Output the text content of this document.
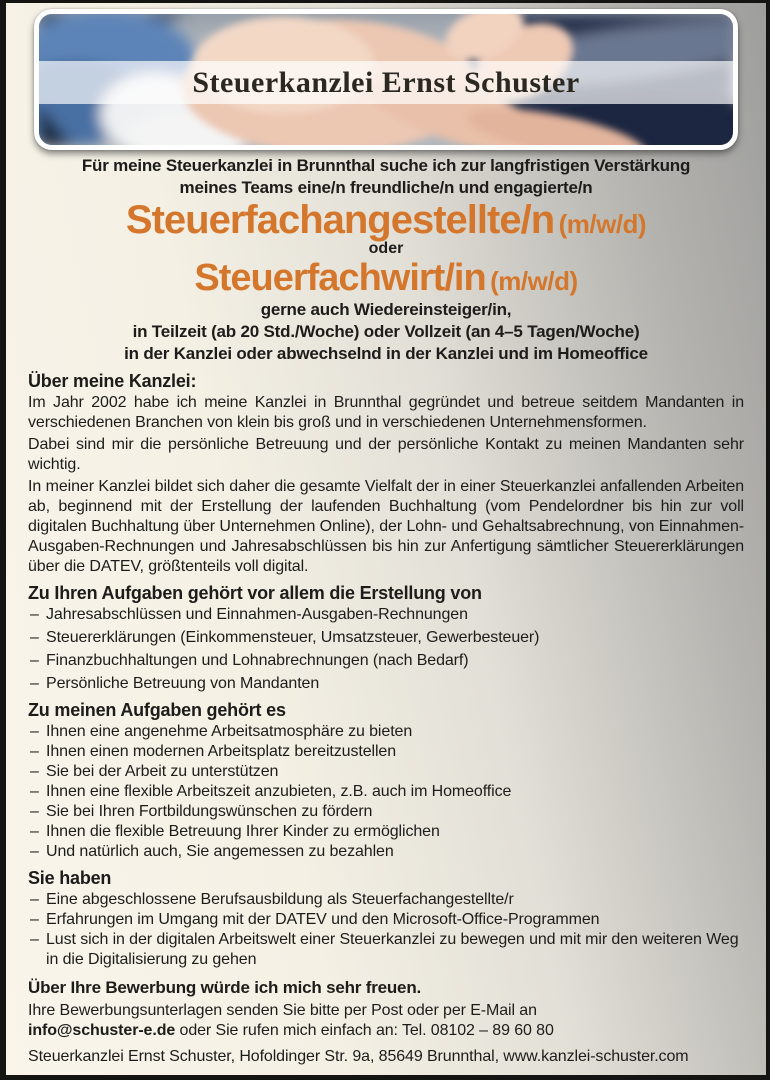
Steuerkanzlei Ernst Schuster
Für meine Steuerkanzlei in Brunnthal suche ich zur langfristigen Verstärkung
meines Teams eine/n freundliche/n und engagierte/n
Steuerfachangestellte/n (m/w/d)
oder
Steuerfachwirt/in (m/w/d)
gerne auch Wiedereinsteiger/in,
in Teilzeit (ab 20 Std./Woche) oder Vollzeit (an 4–5 Tagen/Woche)
in der Kanzlei oder abwechselnd in der Kanzlei und im Homeoffice
Über meine Kanzlei:

Im Jahr 2002 habe ich meine Kanzlei in Brunnthal gegründet und betreue seitdem Mandanten in verschiedenen Branchen von klein bis groß und in verschiedenen Unternehmensformen.

Dabei sind mir die persönliche Betreuung und der persönliche Kontakt zu meinen Mandanten sehr wichtig.

In meiner Kanzlei bildet sich daher die gesamte Vielfalt der in einer Steuerkanzlei anfallenden Arbeiten ab, beginnend mit der Erstellung der laufenden Buchhaltung (vom Pendelordner bis hin zur voll digitalen Buchhaltung über Unternehmen Online), der Lohn- und Gehaltsabrechnung, von Einnahmen-Ausgaben-Rechnungen und Jahresabschlüssen bis hin zur Anfertigung sämtlicher Steuererklärungen über die DATEV, größtenteils voll digital.

Zu Ihren Aufgaben gehört vor allem die Erstellung von
– Jahresabschlüssen und Einnahmen-Ausgaben-Rechnungen
– Steuererklärungen (Einkommensteuer, Umsatzsteuer, Gewerbesteuer)
– Finanzbuchhaltungen und Lohnabrechnungen (nach Bedarf)
– Persönliche Betreuung von Mandanten
Zu meinen Aufgaben gehört es
– Ihnen eine angenehme Arbeitsatmosphäre zu bieten
– Ihnen einen modernen Arbeitsplatz bereitzustellen
– Sie bei der Arbeit zu unterstützen
– Ihnen eine flexible Arbeitszeit anzubieten, z.B. auch im Homeoffice
– Sie bei Ihren Fortbildungswünschen zu fördern
– Ihnen die flexible Betreuung Ihrer Kinder zu ermöglichen
– Und natürlich auch, Sie angemessen zu bezahlen
Sie haben
– Eine abgeschlossene Berufsausbildung als Steuerfachangestellte/r
– Erfahrungen im Umgang mit der DATEV und den Microsoft-Office-Programmen
– Lust sich in der digitalen Arbeitswelt einer Steuerkanzlei zu bewegen und mit mir den weiteren Weg in die Digitalisierung zu gehen
Über Ihre Bewerbung würde ich mich sehr freuen.

Ihre Bewerbungsunterlagen senden Sie bitte per Post oder per E-Mail an
info@schuster-e.de oder Sie rufen mich einfach an: Tel. 08102 – 89 60 80

Steuerkanzlei Ernst Schuster, Hofoldinger Str. 9a, 85649 Brunnthal, www.kanzlei-schuster.com
